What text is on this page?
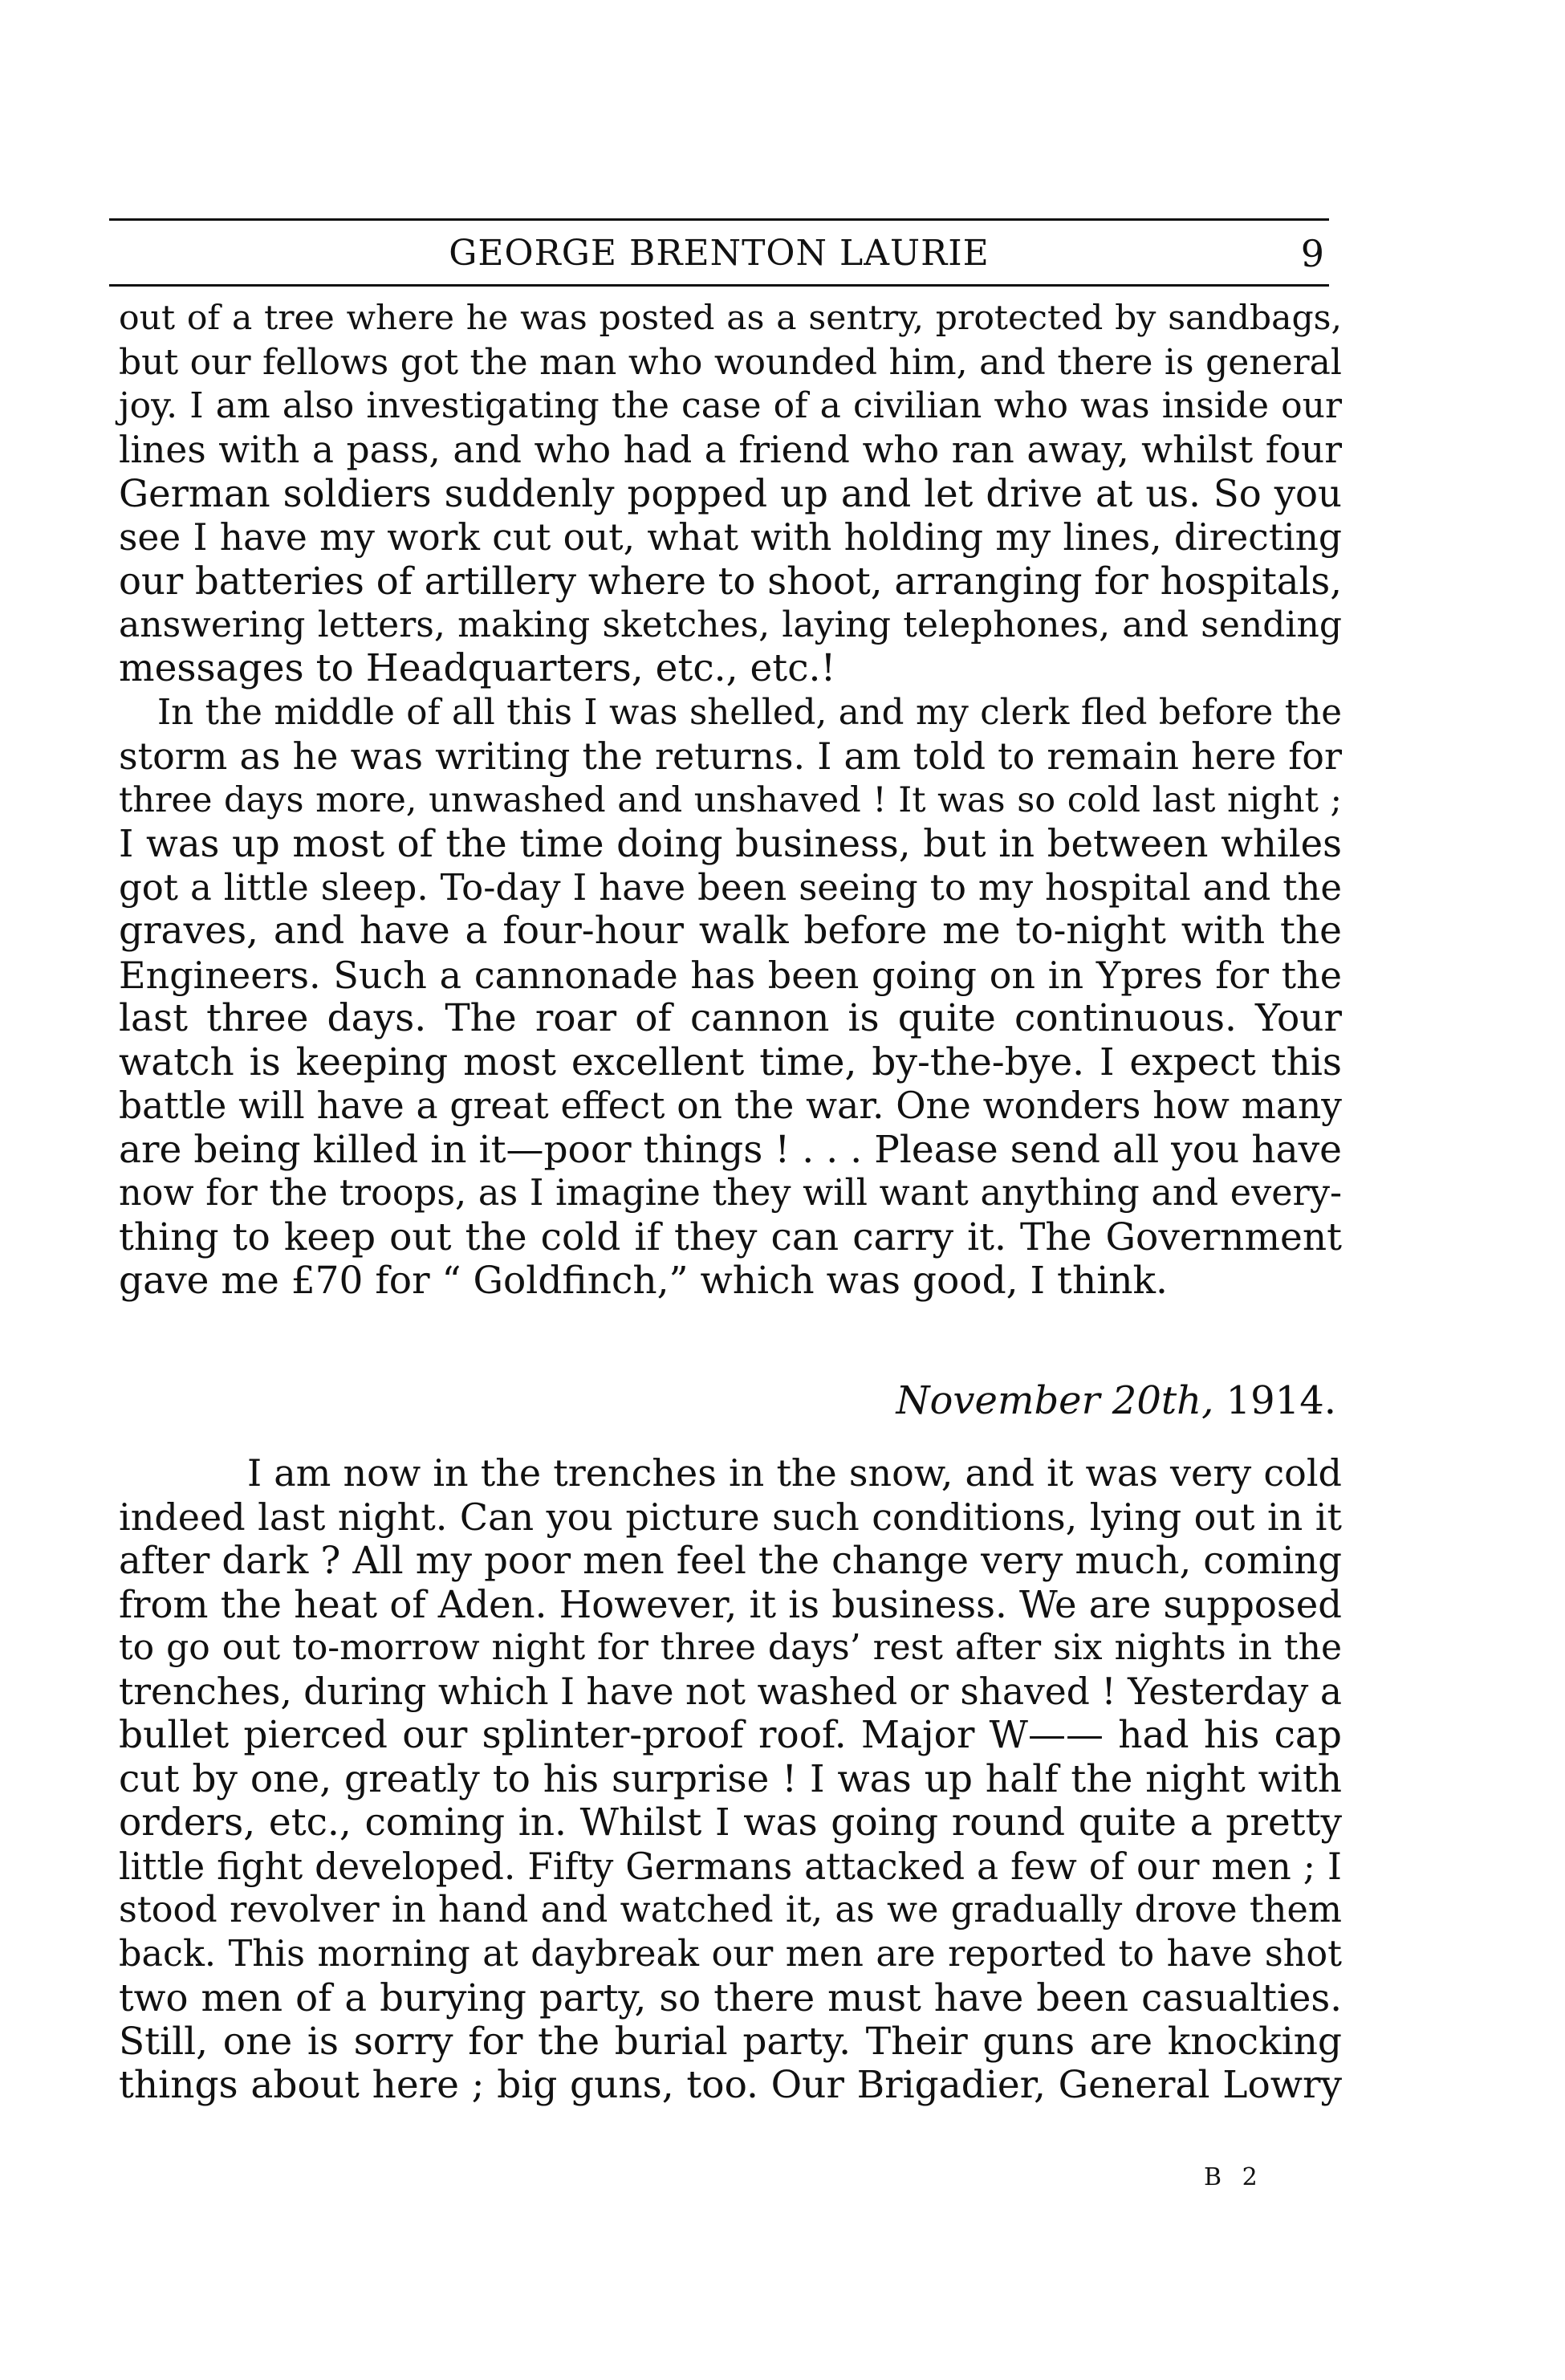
GEORGE BRENTON LAURIE	9
out of a tree where he was posted as a sentry, protected by sandbags,
but our fellows got the man who wounded him, and there is general
joy. I am also investigating the case of a civilian who was inside our
lines with a pass, and who had a friend who ran away, whilst four
German soldiers suddenly popped up and let drive at us. So you
see I have my work cut out, what with holding my lines, directing
our batteries of artillery where to shoot, arranging for hospitals,
answering letters, making sketches, laying telephones, and sending
messages to Headquarters, etc., etc.!
In the middle of all this I was shelled, and my clerk fled before the
storm as he was writing the returns. I am told to remain here for
three days more, unwashed and unshaved ! It was so cold last night ;
I was up most of the time doing business, but in between whiles
got a little sleep. To-day I have been seeing to my hospital and the
graves, and have a four-hour walk before me to-night with the
Engineers. Such a cannonade has been going on in Ypres for the
last three days. The roar of cannon is quite continuous. Your
watch is keeping most excellent time, by-the-bye. I expect this
battle will have a great effect on the war. One wonders how many
are being killed in it—poor things ! . . . Please send all you have
now for the troops, as I imagine they will want anything and every-
thing to keep out the cold if they can carry it. The Government
gave me £70 for “ Goldfinch,” which was good, I think.
November 20th, 1914.
I am now in the trenches in the snow, and it was very cold
indeed last night. Can you picture such conditions, lying out in it
after dark ? All my poor men feel the change very much, coming
from the heat of Aden. However, it is business. We are supposed
to go out to-morrow night for three days’ rest after six nights in the
trenches, during which I have not washed or shaved ! Yesterday a
bullet pierced our splinter-proof roof. Major W—— had his cap
cut by one, greatly to his surprise ! I was up half the night with
orders, etc., coming in. Whilst I was going round quite a pretty
little fight developed. Fifty Germans attacked a few of our men ; I
stood revolver in hand and watched it, as we gradually drove them
back. This morning at daybreak our men are reported to have shot
two men of a burying party, so there must have been casualties.
Still, one is sorry for the burial party. Their guns are knocking
things about here ; big guns, too. Our Brigadier, General Lowry
B 2
